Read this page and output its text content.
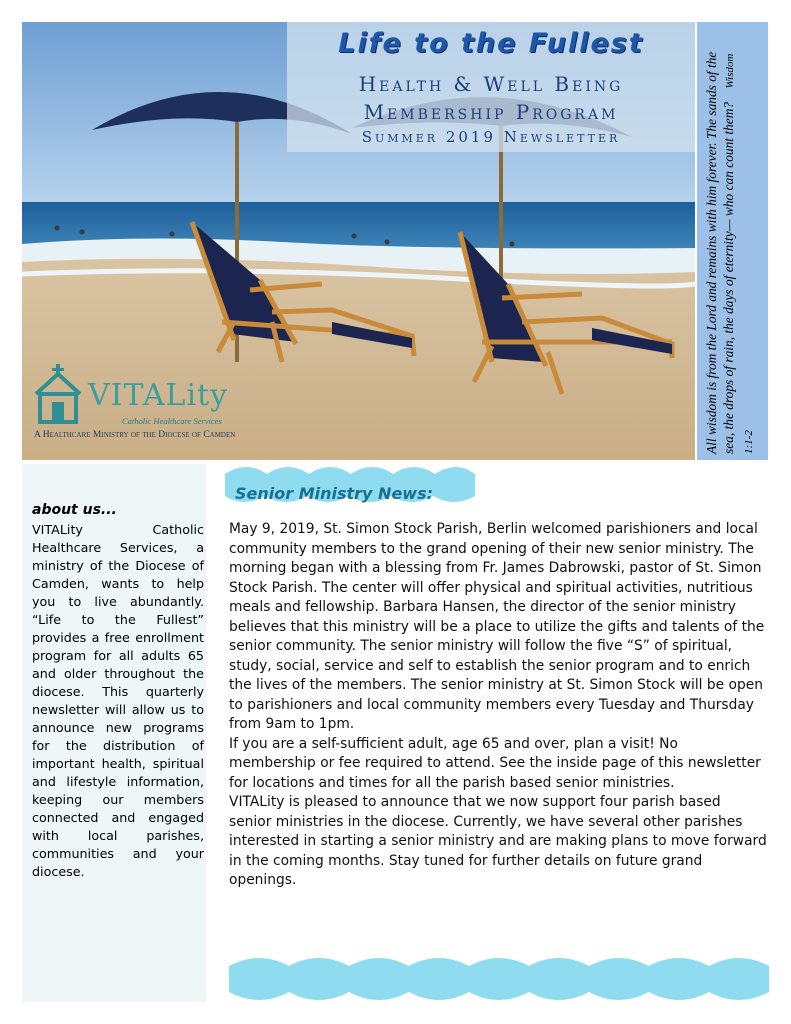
Life to the Fullest
Health & Well Being
Membership Program
Summer 2019 Newsletter	All wisdom is from the Lord and remains with him forever. The sands of the sea, the drops of rain, the days of eternity— who can count them? Wisdom 1:1-2
VITALity
Catholic Healthcare Services
A Healthcare Ministry of the Diocese of Camden
about us...
VITALity Catholic Healthcare Services, a ministry of the Diocese of Camden, wants to help you to live abundantly. “Life to the Fullest” provides a free enrollment program for all adults 65 and older throughout the diocese. This quarterly newsletter will allow us to announce new programs for the distribution of important health, spiritual and lifestyle information, keeping our members connected and engaged with local parishes, communities and your diocese.
Senior Ministry News:

May 9, 2019, St. Simon Stock Parish, Berlin welcomed parishioners and local community members to the grand opening of their new senior ministry. The morning began with a blessing from Fr. James Dabrowski, pastor of St. Simon Stock Parish. The center will offer physical and spiritual activities, nutritious meals and fellowship. Barbara Hansen, the director of the senior ministry believes that this ministry will be a place to utilize the gifts and talents of the senior community. The senior ministry will follow the five “S” of spiritual, study, social, service and self to establish the senior program and to enrich the lives of the members. The senior ministry at St. Simon Stock will be open to parishioners and local community members every Tuesday and Thursday from 9am to 1pm.

If you are a self-sufficient adult, age 65 and over, plan a visit! No membership or fee required to attend. See the inside page of this newsletter for locations and times for all the parish based senior ministries.

VITALity is pleased to announce that we now support four parish based senior ministries in the diocese. Currently, we have several other parishes interested in starting a senior ministry and are making plans to move forward in the coming months. Stay tuned for further details on future grand openings.
